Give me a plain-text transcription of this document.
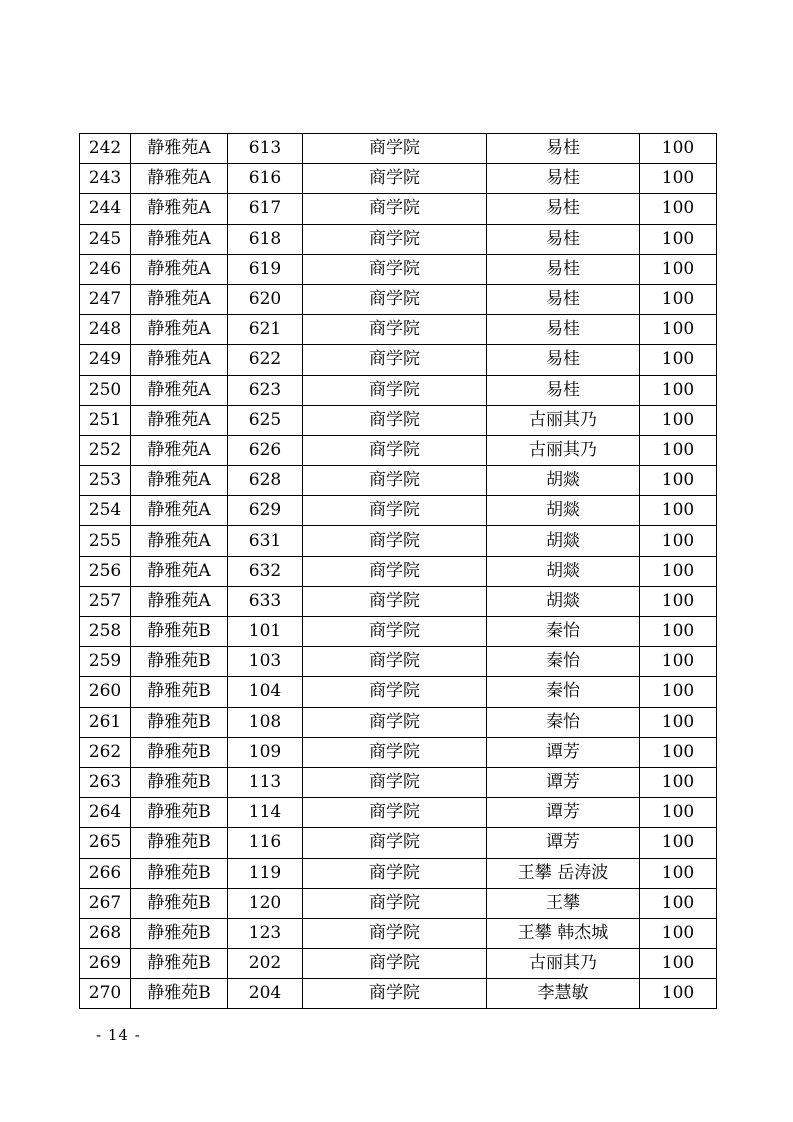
242	静雅苑A	613	商学院	易桂	100
243	静雅苑A	616	商学院	易桂	100
244	静雅苑A	617	商学院	易桂	100
245	静雅苑A	618	商学院	易桂	100
246	静雅苑A	619	商学院	易桂	100
247	静雅苑A	620	商学院	易桂	100
248	静雅苑A	621	商学院	易桂	100
249	静雅苑A	622	商学院	易桂	100
250	静雅苑A	623	商学院	易桂	100
251	静雅苑A	625	商学院	古丽其乃	100
252	静雅苑A	626	商学院	古丽其乃	100
253	静雅苑A	628	商学院	胡燚	100
254	静雅苑A	629	商学院	胡燚	100
255	静雅苑A	631	商学院	胡燚	100
256	静雅苑A	632	商学院	胡燚	100
257	静雅苑A	633	商学院	胡燚	100
258	静雅苑B	101	商学院	秦怡	100
259	静雅苑B	103	商学院	秦怡	100
260	静雅苑B	104	商学院	秦怡	100
261	静雅苑B	108	商学院	秦怡	100
262	静雅苑B	109	商学院	谭芳	100
263	静雅苑B	113	商学院	谭芳	100
264	静雅苑B	114	商学院	谭芳	100
265	静雅苑B	116	商学院	谭芳	100
266	静雅苑B	119	商学院	王攀 岳涛波	100
267	静雅苑B	120	商学院	王攀	100
268	静雅苑B	123	商学院	王攀 韩杰城	100
269	静雅苑B	202	商学院	古丽其乃	100
270	静雅苑B	204	商学院	李慧敏	100
- 14 -
